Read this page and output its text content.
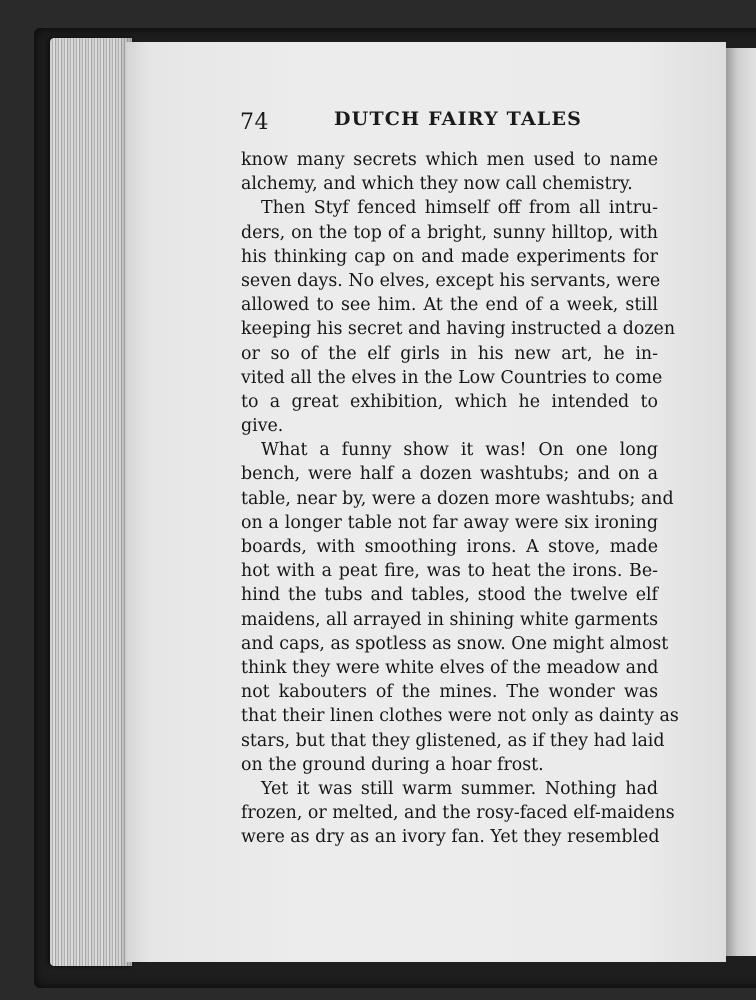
74	DUTCH FAIRY TALES
know many secrets which men used to name
alchemy, and which they now call chemistry.
Then Styf fenced himself off from all intru-
ders, on the top of a bright, sunny hilltop, with
his thinking cap on and made experiments for
seven days. No elves, except his servants, were
allowed to see him. At the end of a week, still
keeping his secret and having instructed a dozen
or so of the elf girls in his new art, he in-
vited all the elves in the Low Countries to come
to a great exhibition, which he intended to
give.
What a funny show it was! On one long
bench, were half a dozen washtubs; and on a
table, near by, were a dozen more washtubs; and
on a longer table not far away were six ironing
boards, with smoothing irons. A stove, made
hot with a peat fire, was to heat the irons. Be-
hind the tubs and tables, stood the twelve elf
maidens, all arrayed in shining white garments
and caps, as spotless as snow. One might almost
think they were white elves of the meadow and
not kabouters of the mines. The wonder was
that their linen clothes were not only as dainty as
stars, but that they glistened, as if they had laid
on the ground during a hoar frost.
Yet it was still warm summer. Nothing had
frozen, or melted, and the rosy-faced elf-maidens
were as dry as an ivory fan. Yet they resembled
